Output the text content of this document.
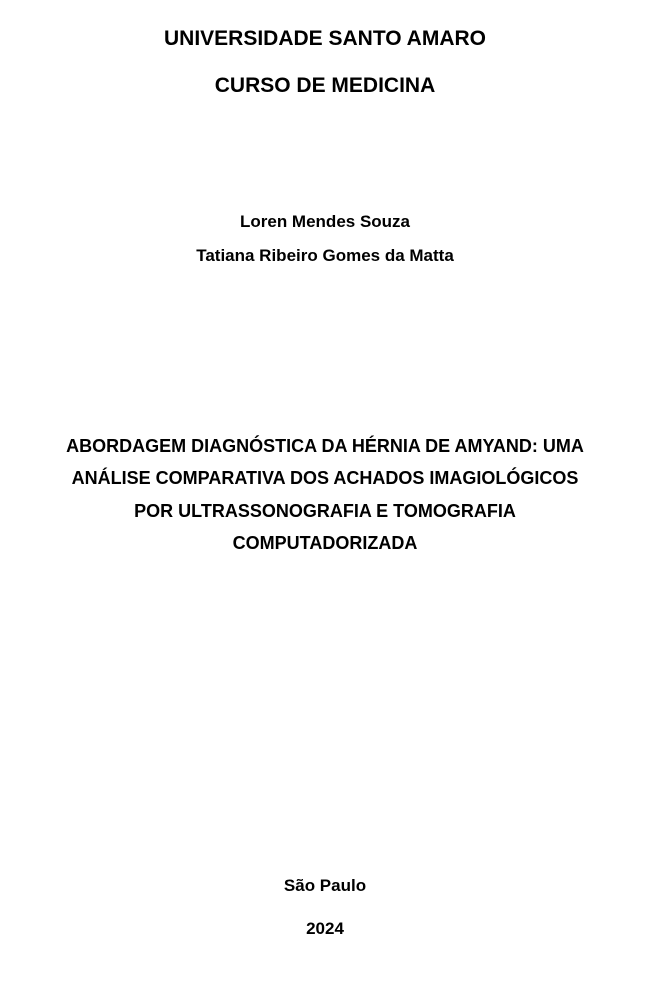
UNIVERSIDADE SANTO AMARO
CURSO DE MEDICINA
Loren Mendes Souza
Tatiana Ribeiro Gomes da Matta
ABORDAGEM DIAGNÓSTICA DA HÉRNIA DE AMYAND: UMA
ANÁLISE COMPARATIVA DOS ACHADOS IMAGIOLÓGICOS
POR ULTRASSONOGRAFIA E TOMOGRAFIA
COMPUTADORIZADA
São Paulo
2024
